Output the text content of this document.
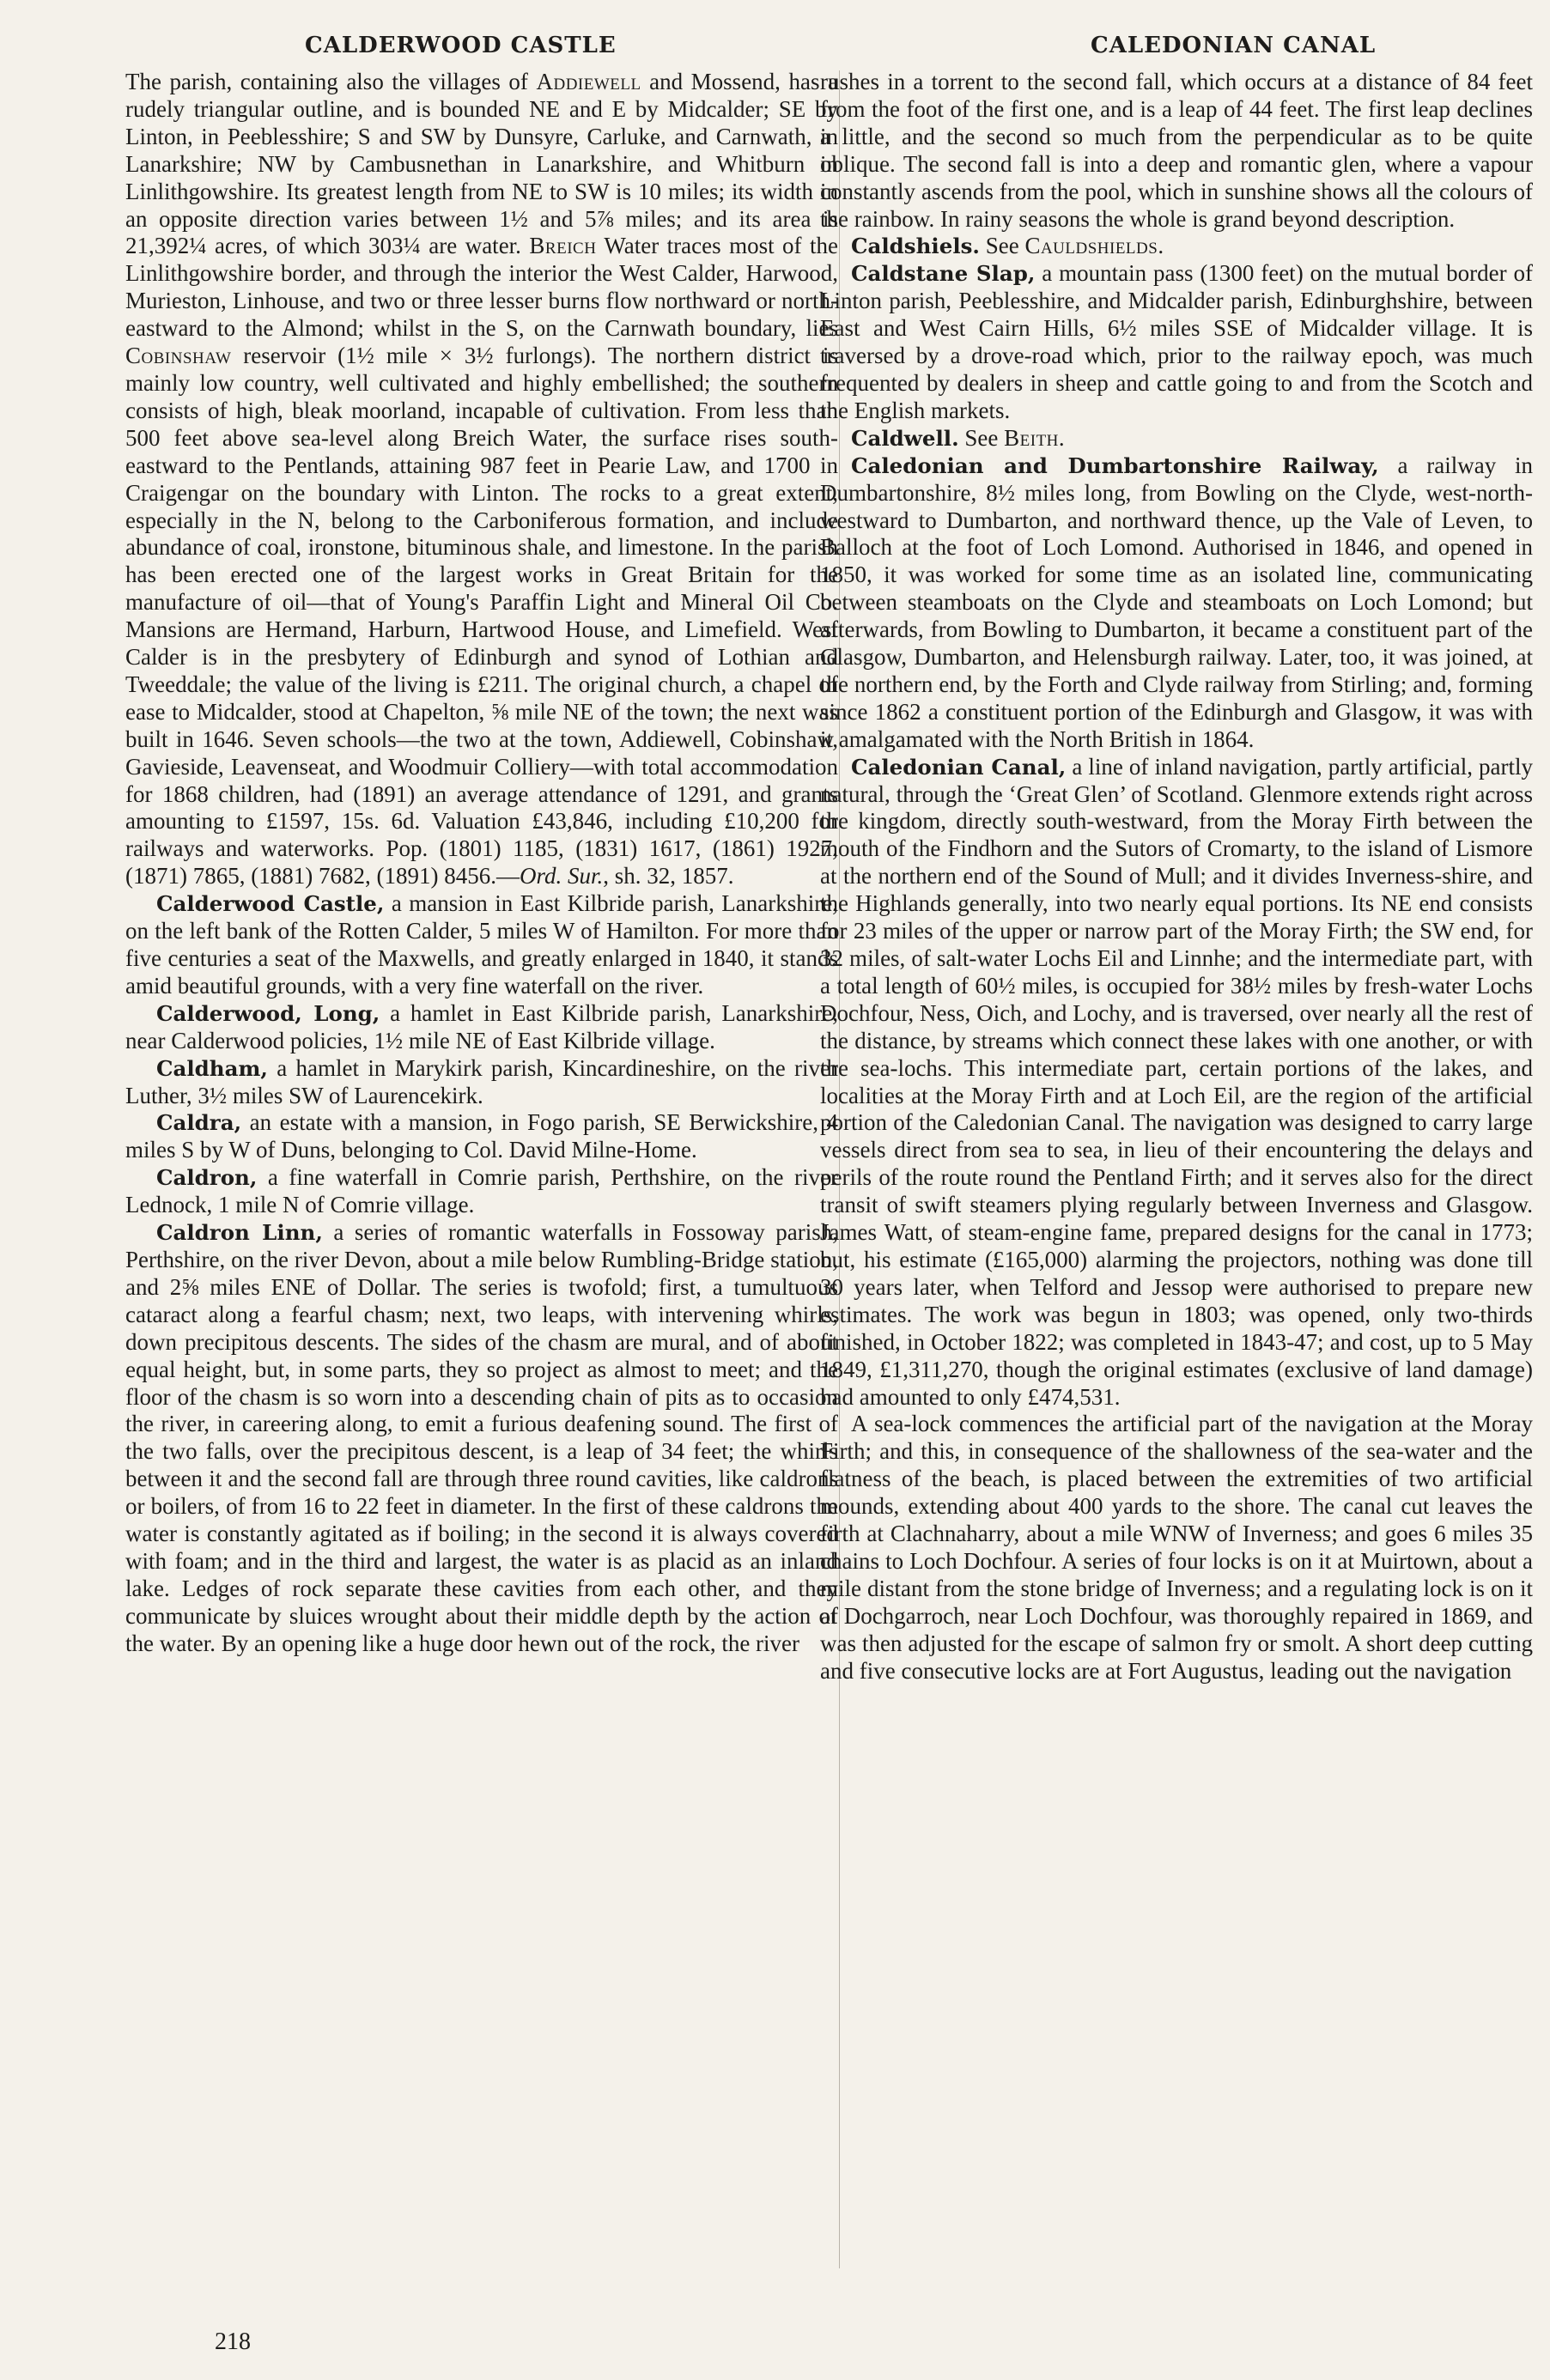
CALDERWOOD CASTLE	CALEDONIAN CANAL

The parish, containing also the villages of Addiewell and Mossend, has a rudely triangular outline, and is bounded NE and E by Midcalder; SE by Linton, in Peeblesshire; S and SW by Dunsyre, Carluke, and Carnwath, in Lanarkshire; NW by Cambusnethan in Lanarkshire, and Whitburn in Linlithgowshire. Its greatest length from NE to SW is 10 miles; its width in an opposite direction varies between 1½ and 5⅞ miles; and its area is 21,392¼ acres, of which 303¼ are water. Breich Water traces most of the Linlithgowshire border, and through the interior the West Calder, Harwood, Murieston, Linhouse, and two or three lesser burns flow northward or north-eastward to the Almond; whilst in the S, on the Carnwath boundary, lies Cobinshaw reservoir (1½ mile × 3½ furlongs). The northern district is mainly low country, well cultivated and highly embellished; the southern consists of high, bleak moorland, incapable of cultivation. From less than 500 feet above sea-level along Breich Water, the surface rises south-eastward to the Pentlands, attaining 987 feet in Pearie Law, and 1700 in Craigengar on the boundary with Linton. The rocks to a great extent, especially in the N, belong to the Carboniferous formation, and include abundance of coal, ironstone, bituminous shale, and limestone. In the parish has been erected one of the largest works in Great Britain for the manufacture of oil—that of Young's Paraffin Light and Mineral Oil Co. Mansions are Hermand, Harburn, Hartwood House, and Limefield. West Calder is in the presbytery of Edinburgh and synod of Lothian and Tweeddale; the value of the living is £211. The original church, a chapel of ease to Midcalder, stood at Chapelton, ⅝ mile NE of the town; the next was built in 1646. Seven schools—the two at the town, Addiewell, Cobinshaw, Gavieside, Leavenseat, and Woodmuir Colliery—with total accommodation for 1868 children, had (1891) an average attendance of 1291, and grants amounting to £1597, 15s. 6d. Valuation £43,846, including £10,200 for railways and waterworks. Pop. (1801) 1185, (1831) 1617, (1861) 1927, (1871) 7865, (1881) 7682, (1891) 8456.—Ord. Sur., sh. 32, 1857.

Calderwood Castle, a mansion in East Kilbride parish, Lanarkshire, on the left bank of the Rotten Calder, 5 miles W of Hamilton. For more than five centuries a seat of the Maxwells, and greatly enlarged in 1840, it stands amid beautiful grounds, with a very fine waterfall on the river.

Calderwood, Long, a hamlet in East Kilbride parish, Lanarkshire, near Calderwood policies, 1½ mile NE of East Kilbride village.

Caldham, a hamlet in Marykirk parish, Kincardineshire, on the river Luther, 3½ miles SW of Laurencekirk.

Caldra, an estate with a mansion, in Fogo parish, SE Berwickshire, 4 miles S by W of Duns, belonging to Col. David Milne-Home.

Caldron, a fine waterfall in Comrie parish, Perthshire, on the river Lednock, 1 mile N of Comrie village.

Caldron Linn, a series of romantic waterfalls in Fossoway parish, Perthshire, on the river Devon, about a mile below Rumbling-Bridge station, and 2⅝ miles ENE of Dollar. The series is twofold; first, a tumultuous cataract along a fearful chasm; next, two leaps, with intervening whirls, down precipitous descents. The sides of the chasm are mural, and of about equal height, but, in some parts, they so project as almost to meet; and the floor of the chasm is so worn into a descending chain of pits as to occasion the river, in careering along, to emit a furious deafening sound. The first of the two falls, over the precipitous descent, is a leap of 34 feet; the whirls between it and the second fall are through three round cavities, like caldrons or boilers, of from 16 to 22 feet in diameter. In the first of these caldrons the water is constantly agitated as if boiling; in the second it is always covered with foam; and in the third and largest, the water is as placid as an inland lake. Ledges of rock separate these cavities from each other, and they communicate by sluices wrought about their middle depth by the action of the water. By an opening like a huge door hewn out of the rock, the river

rushes in a torrent to the second fall, which occurs at a distance of 84 feet from the foot of the first one, and is a leap of 44 feet. The first leap declines a little, and the second so much from the perpendicular as to be quite oblique. The second fall is into a deep and romantic glen, where a vapour constantly ascends from the pool, which in sunshine shows all the colours of the rainbow. In rainy seasons the whole is grand beyond description.

Caldshiels. See Cauldshields.

Caldstane Slap, a mountain pass (1300 feet) on the mutual border of Linton parish, Peeblesshire, and Midcalder parish, Edinburghshire, between East and West Cairn Hills, 6½ miles SSE of Midcalder village. It is traversed by a drove-road which, prior to the railway epoch, was much frequented by dealers in sheep and cattle going to and from the Scotch and the English markets.

Caldwell. See Beith.

Caledonian and Dumbartonshire Railway, a railway in Dumbartonshire, 8½ miles long, from Bowling on the Clyde, west-north-westward to Dumbarton, and northward thence, up the Vale of Leven, to Balloch at the foot of Loch Lomond. Authorised in 1846, and opened in 1850, it was worked for some time as an isolated line, communicating between steamboats on the Clyde and steamboats on Loch Lomond; but afterwards, from Bowling to Dumbarton, it became a constituent part of the Glasgow, Dumbarton, and Helensburgh railway. Later, too, it was joined, at the northern end, by the Forth and Clyde railway from Stirling; and, forming since 1862 a constituent portion of the Edinburgh and Glasgow, it was with it amalgamated with the North British in 1864.

Caledonian Canal, a line of inland navigation, partly artificial, partly natural, through the ‘Great Glen’ of Scotland. Glenmore extends right across the kingdom, directly south-westward, from the Moray Firth between the mouth of the Findhorn and the Sutors of Cromarty, to the island of Lismore at the northern end of the Sound of Mull; and it divides Inverness-shire, and the Highlands generally, into two nearly equal portions. Its NE end consists for 23 miles of the upper or narrow part of the Moray Firth; the SW end, for 32 miles, of salt-water Lochs Eil and Linnhe; and the intermediate part, with a total length of 60½ miles, is occupied for 38½ miles by fresh-water Lochs Dochfour, Ness, Oich, and Lochy, and is traversed, over nearly all the rest of the distance, by streams which connect these lakes with one another, or with the sea-lochs. This intermediate part, certain portions of the lakes, and localities at the Moray Firth and at Loch Eil, are the region of the artificial portion of the Caledonian Canal. The navigation was designed to carry large vessels direct from sea to sea, in lieu of their encountering the delays and perils of the route round the Pentland Firth; and it serves also for the direct transit of swift steamers plying regularly between Inverness and Glasgow. James Watt, of steam-engine fame, prepared designs for the canal in 1773; but, his estimate (£165,000) alarming the projectors, nothing was done till 30 years later, when Telford and Jessop were authorised to prepare new estimates. The work was begun in 1803; was opened, only two-thirds finished, in October 1822; was completed in 1843-47; and cost, up to 5 May 1849, £1,311,270, though the original estimates (exclusive of land damage) had amounted to only £474,531.

A sea-lock commences the artificial part of the navigation at the Moray Firth; and this, in consequence of the shallowness of the sea-water and the flatness of the beach, is placed between the extremities of two artificial mounds, extending about 400 yards to the shore. The canal cut leaves the firth at Clachnaharry, about a mile WNW of Inverness; and goes 6 miles 35 chains to Loch Dochfour. A series of four locks is on it at Muirtown, about a mile distant from the stone bridge of Inverness; and a regulating lock is on it at Dochgarroch, near Loch Dochfour, was thoroughly repaired in 1869, and was then adjusted for the escape of salmon fry or smolt. A short deep cutting and five consecutive locks are at Fort Augustus, leading out the navigation

218
